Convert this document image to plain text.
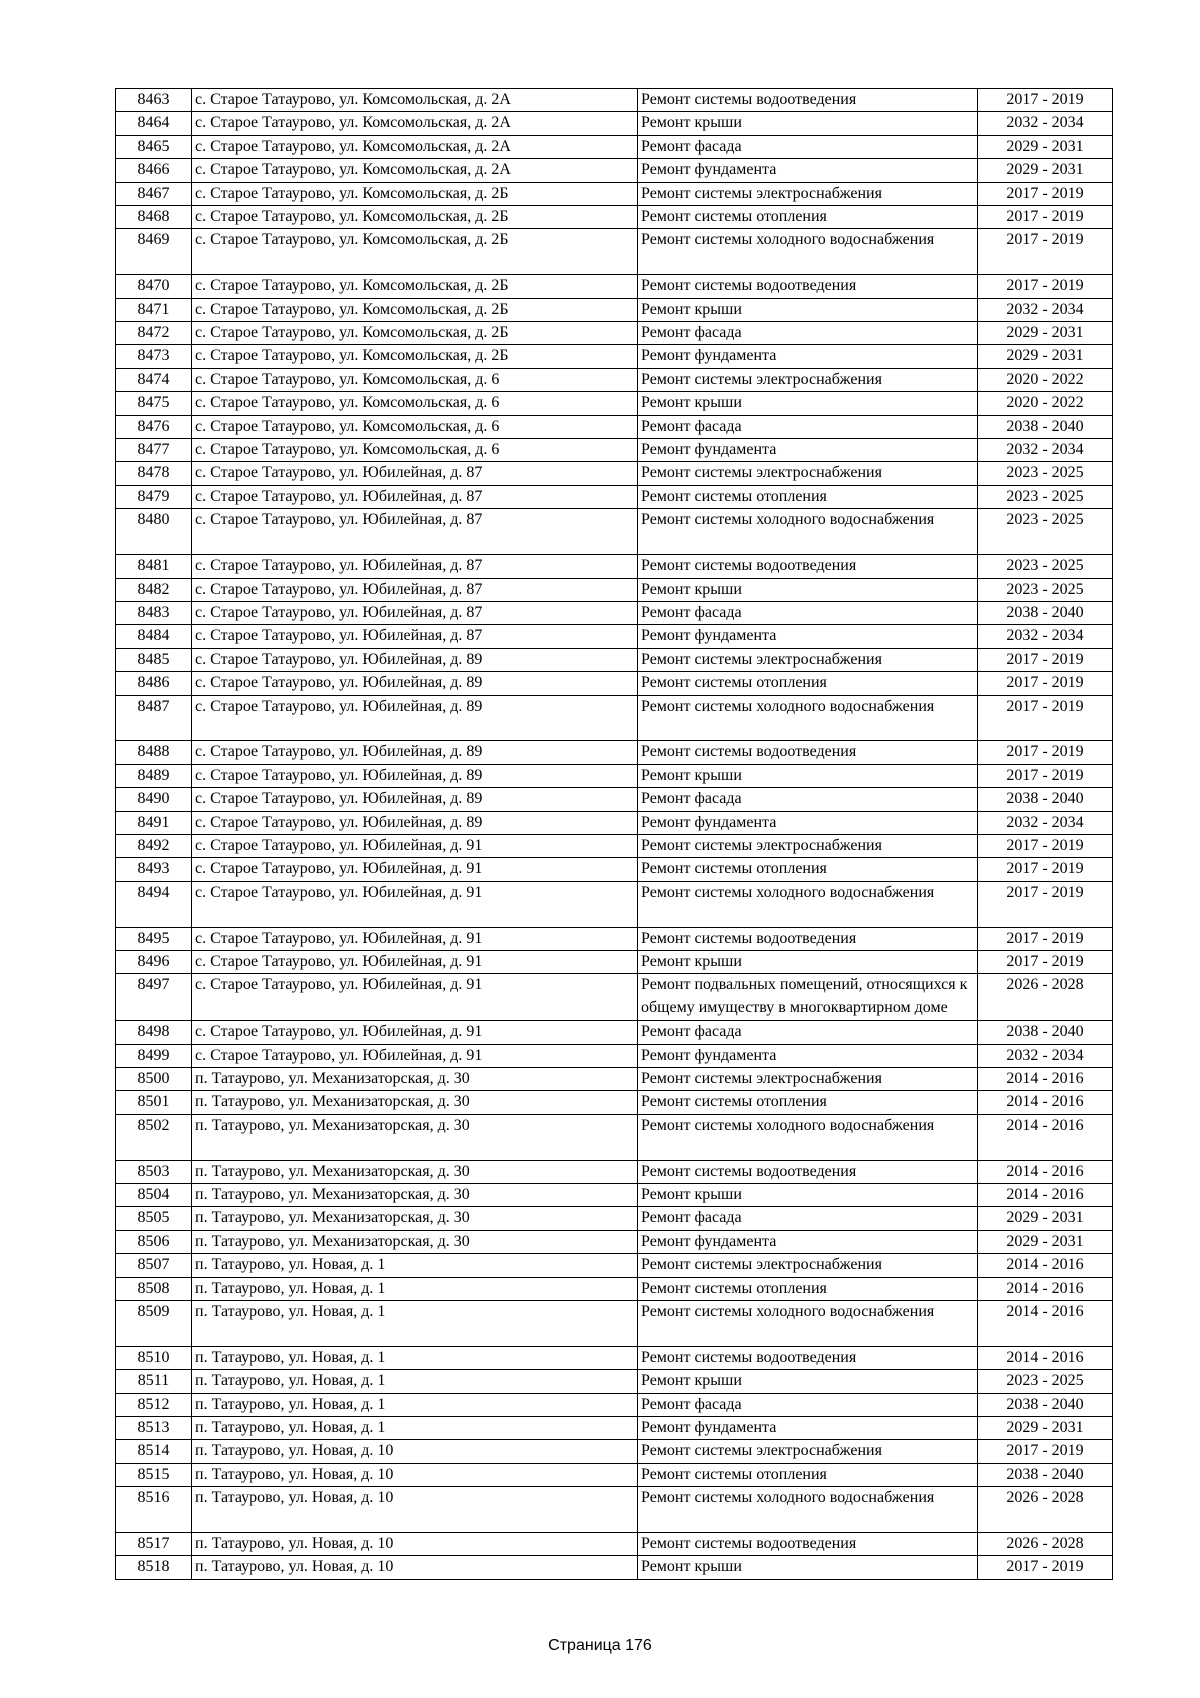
8463	с. Старое Татаурово, ул. Комсомольская, д. 2А	Ремонт системы водоотведения	2017 - 2019
8464	с. Старое Татаурово, ул. Комсомольская, д. 2А	Ремонт крыши	2032 - 2034
8465	с. Старое Татаурово, ул. Комсомольская, д. 2А	Ремонт фасада	2029 - 2031
8466	с. Старое Татаурово, ул. Комсомольская, д. 2А	Ремонт фундамента	2029 - 2031
8467	с. Старое Татаурово, ул. Комсомольская, д. 2Б	Ремонт системы электроснабжения	2017 - 2019
8468	с. Старое Татаурово, ул. Комсомольская, д. 2Б	Ремонт системы отопления	2017 - 2019
8469	с. Старое Татаурово, ул. Комсомольская, д. 2Б	Ремонт системы холодного водоснабжения	2017 - 2019
8470	с. Старое Татаурово, ул. Комсомольская, д. 2Б	Ремонт системы водоотведения	2017 - 2019
8471	с. Старое Татаурово, ул. Комсомольская, д. 2Б	Ремонт крыши	2032 - 2034
8472	с. Старое Татаурово, ул. Комсомольская, д. 2Б	Ремонт фасада	2029 - 2031
8473	с. Старое Татаурово, ул. Комсомольская, д. 2Б	Ремонт фундамента	2029 - 2031
8474	с. Старое Татаурово, ул. Комсомольская, д. 6	Ремонт системы электроснабжения	2020 - 2022
8475	с. Старое Татаурово, ул. Комсомольская, д. 6	Ремонт крыши	2020 - 2022
8476	с. Старое Татаурово, ул. Комсомольская, д. 6	Ремонт фасада	2038 - 2040
8477	с. Старое Татаурово, ул. Комсомольская, д. 6	Ремонт фундамента	2032 - 2034
8478	с. Старое Татаурово, ул. Юбилейная, д. 87	Ремонт системы электроснабжения	2023 - 2025
8479	с. Старое Татаурово, ул. Юбилейная, д. 87	Ремонт системы отопления	2023 - 2025
8480	с. Старое Татаурово, ул. Юбилейная, д. 87	Ремонт системы холодного водоснабжения	2023 - 2025
8481	с. Старое Татаурово, ул. Юбилейная, д. 87	Ремонт системы водоотведения	2023 - 2025
8482	с. Старое Татаурово, ул. Юбилейная, д. 87	Ремонт крыши	2023 - 2025
8483	с. Старое Татаурово, ул. Юбилейная, д. 87	Ремонт фасада	2038 - 2040
8484	с. Старое Татаурово, ул. Юбилейная, д. 87	Ремонт фундамента	2032 - 2034
8485	с. Старое Татаурово, ул. Юбилейная, д. 89	Ремонт системы электроснабжения	2017 - 2019
8486	с. Старое Татаурово, ул. Юбилейная, д. 89	Ремонт системы отопления	2017 - 2019
8487	с. Старое Татаурово, ул. Юбилейная, д. 89	Ремонт системы холодного водоснабжения	2017 - 2019
8488	с. Старое Татаурово, ул. Юбилейная, д. 89	Ремонт системы водоотведения	2017 - 2019
8489	с. Старое Татаурово, ул. Юбилейная, д. 89	Ремонт крыши	2017 - 2019
8490	с. Старое Татаурово, ул. Юбилейная, д. 89	Ремонт фасада	2038 - 2040
8491	с. Старое Татаурово, ул. Юбилейная, д. 89	Ремонт фундамента	2032 - 2034
8492	с. Старое Татаурово, ул. Юбилейная, д. 91	Ремонт системы электроснабжения	2017 - 2019
8493	с. Старое Татаурово, ул. Юбилейная, д. 91	Ремонт системы отопления	2017 - 2019
8494	с. Старое Татаурово, ул. Юбилейная, д. 91	Ремонт системы холодного водоснабжения	2017 - 2019
8495	с. Старое Татаурово, ул. Юбилейная, д. 91	Ремонт системы водоотведения	2017 - 2019
8496	с. Старое Татаурово, ул. Юбилейная, д. 91	Ремонт крыши	2017 - 2019
8497	с. Старое Татаурово, ул. Юбилейная, д. 91	Ремонт подвальных помещений, относящихся к общему имуществу в многоквартирном доме	2026 - 2028
8498	с. Старое Татаурово, ул. Юбилейная, д. 91	Ремонт фасада	2038 - 2040
8499	с. Старое Татаурово, ул. Юбилейная, д. 91	Ремонт фундамента	2032 - 2034
8500	п. Татаурово, ул. Механизаторская, д. 30	Ремонт системы электроснабжения	2014 - 2016
8501	п. Татаурово, ул. Механизаторская, д. 30	Ремонт системы отопления	2014 - 2016
8502	п. Татаурово, ул. Механизаторская, д. 30	Ремонт системы холодного водоснабжения	2014 - 2016
8503	п. Татаурово, ул. Механизаторская, д. 30	Ремонт системы водоотведения	2014 - 2016
8504	п. Татаурово, ул. Механизаторская, д. 30	Ремонт крыши	2014 - 2016
8505	п. Татаурово, ул. Механизаторская, д. 30	Ремонт фасада	2029 - 2031
8506	п. Татаурово, ул. Механизаторская, д. 30	Ремонт фундамента	2029 - 2031
8507	п. Татаурово, ул. Новая, д. 1	Ремонт системы электроснабжения	2014 - 2016
8508	п. Татаурово, ул. Новая, д. 1	Ремонт системы отопления	2014 - 2016
8509	п. Татаурово, ул. Новая, д. 1	Ремонт системы холодного водоснабжения	2014 - 2016
8510	п. Татаурово, ул. Новая, д. 1	Ремонт системы водоотведения	2014 - 2016
8511	п. Татаурово, ул. Новая, д. 1	Ремонт крыши	2023 - 2025
8512	п. Татаурово, ул. Новая, д. 1	Ремонт фасада	2038 - 2040
8513	п. Татаурово, ул. Новая, д. 1	Ремонт фундамента	2029 - 2031
8514	п. Татаурово, ул. Новая, д. 10	Ремонт системы электроснабжения	2017 - 2019
8515	п. Татаурово, ул. Новая, д. 10	Ремонт системы отопления	2038 - 2040
8516	п. Татаурово, ул. Новая, д. 10	Ремонт системы холодного водоснабжения	2026 - 2028
8517	п. Татаурово, ул. Новая, д. 10	Ремонт системы водоотведения	2026 - 2028
8518	п. Татаурово, ул. Новая, д. 10	Ремонт крыши	2017 - 2019
Страница 176
